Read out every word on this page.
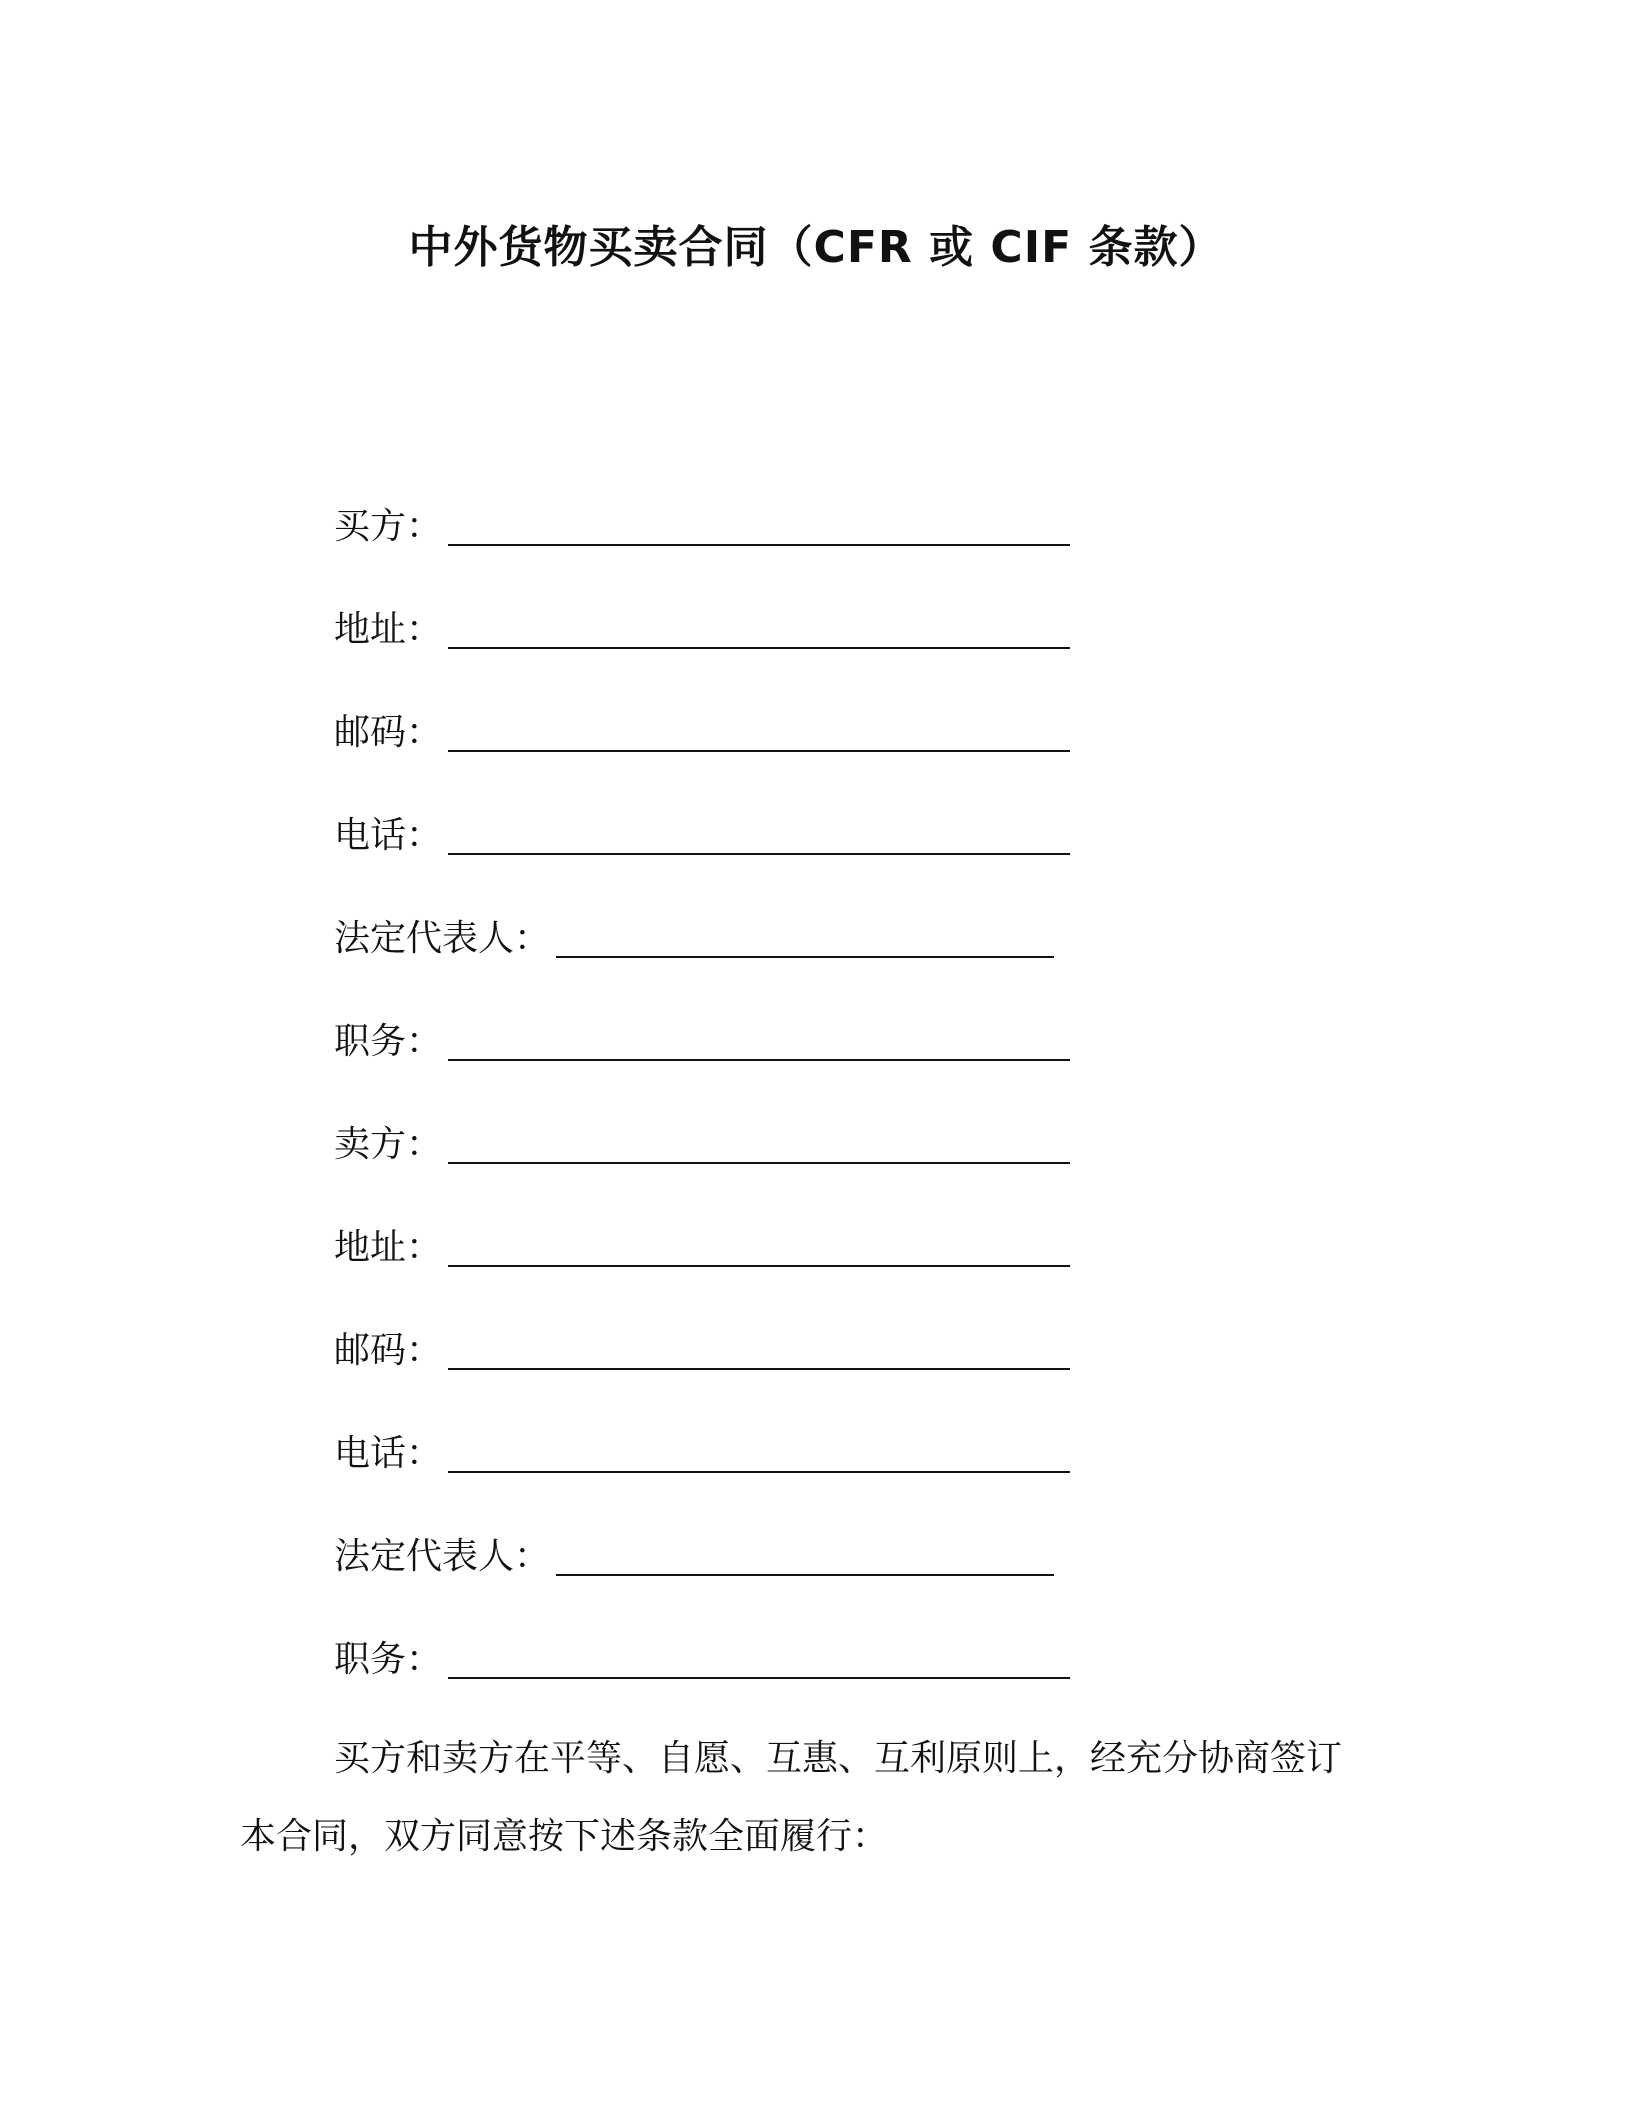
中外货物买卖合同（CFR 或 CIF 条款）
买方：
地址：
邮码：
电话：
法定代表人：
职务：
卖方：
地址：
邮码：
电话：
法定代表人：
职务：
买方和卖方在平等、自愿、互惠、互利原则上，经充分协商签订
本合同，双方同意按下述条款全面履行：
